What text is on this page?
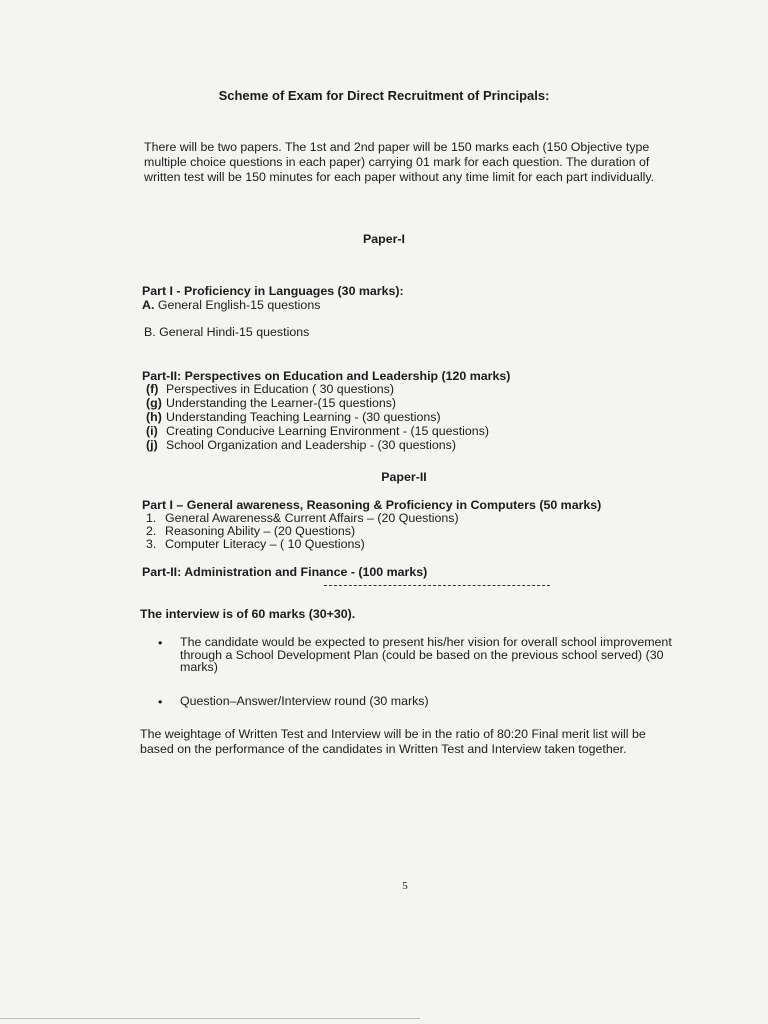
Scheme of Exam for Direct Recruitment of Principals:
There will be two papers. The 1st and 2nd paper will be 150 marks each (150 Objective type
multiple choice questions in each paper) carrying 01 mark for each question. The duration of
written test will be 150 minutes for each paper without any time limit for each part individually.
Paper-I
Part I - Proficiency in Languages (30 marks):
A. General English-15 questions
B. General Hindi-15 questions
Part-II: Perspectives on Education and Leadership (120 marks)
(f) Perspectives in Education ( 30 questions)
(g) Understanding the Learner-(15 questions)
(h) Understanding Teaching Learning - (30 questions)
(i) Creating Conducive Learning Environment - (15 questions)
(j) School Organization and Leadership - (30 questions)
Paper-II
Part I – General awareness, Reasoning & Proficiency in Computers (50 marks)
1. General Awareness& Current Affairs – (20 Questions)
2. Reasoning Ability – (20 Questions)
3. Computer Literacy – ( 10 Questions)
Part-II: Administration and Finance - (100 marks)
The interview is of 60 marks (30+30).
• The candidate would be expected to present his/her vision for overall school improvement through a School Development Plan (could be based on the previous school served) (30 marks)
• Question–Answer/Interview round (30 marks)
The weightage of Written Test and Interview will be in the ratio of 80:20 Final merit list will be
based on the performance of the candidates in Written Test and Interview taken together.
5
